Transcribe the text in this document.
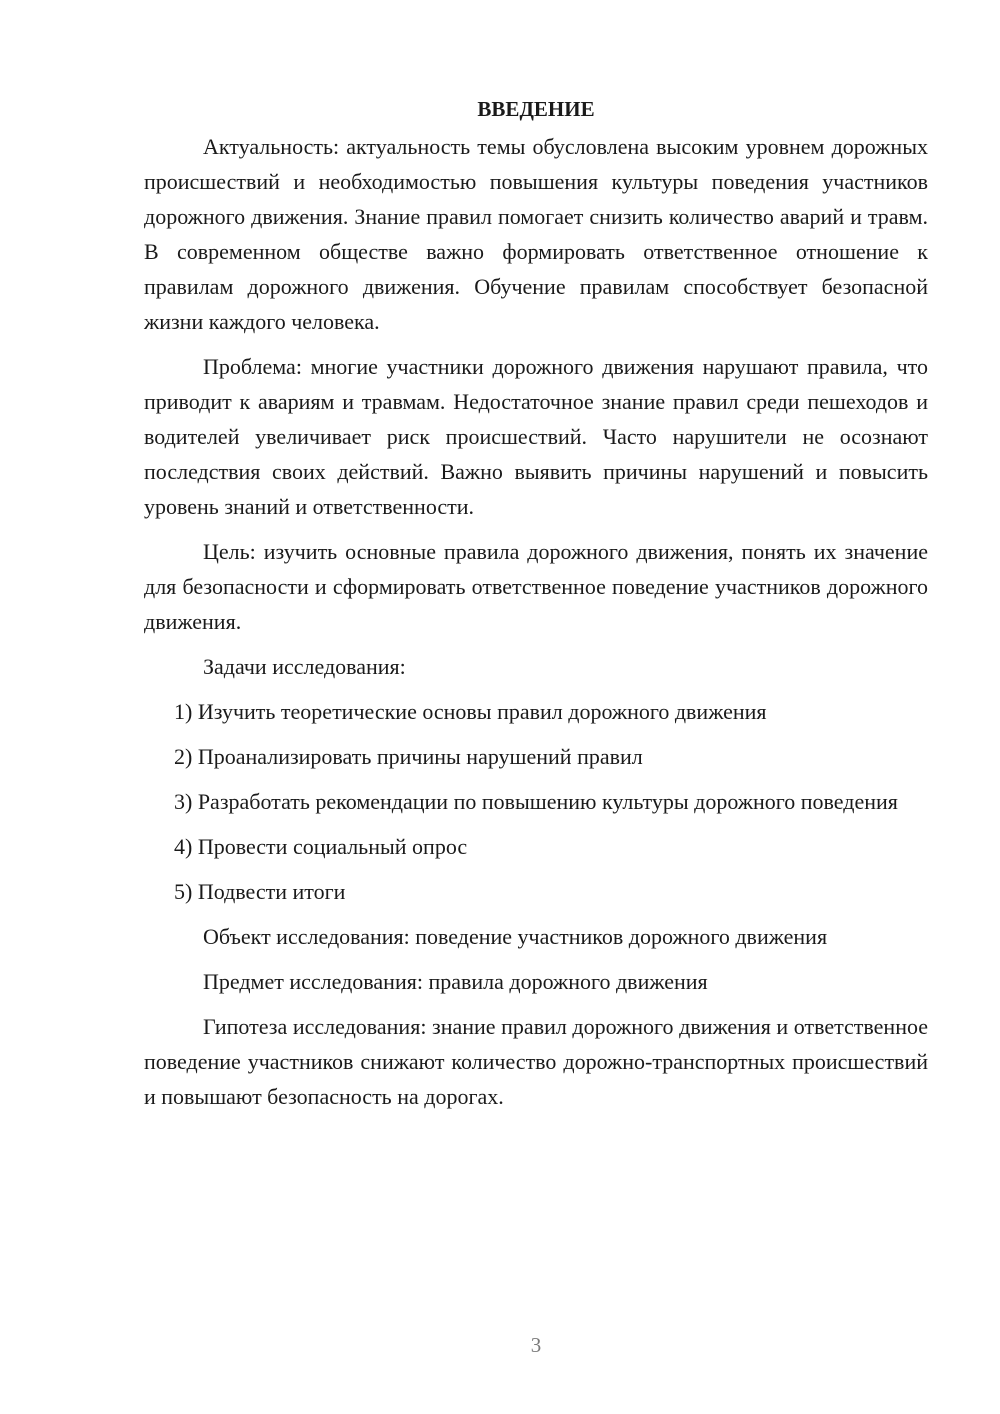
ВВЕДЕНИЕ

Актуальность: актуальность темы обусловлена высоким уровнем дорожных происшествий и необходимостью повышения культуры поведения участников дорожного движения. Знание правил помогает снизить количество аварий и травм. В современном обществе важно формировать ответственное отношение к правилам дорожного движения. Обучение правилам способствует безопасной жизни каждого человека.

Проблема: многие участники дорожного движения нарушают правила, что приводит к авариям и травмам. Недостаточное знание правил среди пешеходов и водителей увеличивает риск происшествий. Часто нарушители не осознают последствия своих действий. Важно выявить причины нарушений и повысить уровень знаний и ответственности.

Цель: изучить основные правила дорожного движения, понять их значение для безопасности и сформировать ответственное поведение участников дорожного движения.

Задачи исследования:

1) Изучить теоретические основы правил дорожного движения

2) Проанализировать причины нарушений правил

3) Разработать рекомендации по повышению культуры дорожного поведения

4) Провести социальный опрос

5) Подвести итоги

Объект исследования: поведение участников дорожного движения

Предмет исследования: правила дорожного движения

Гипотеза исследования: знание правил дорожного движения и ответственное поведение участников снижают количество дорожно-транспортных происшествий и повышают безопасность на дорогах.

3
